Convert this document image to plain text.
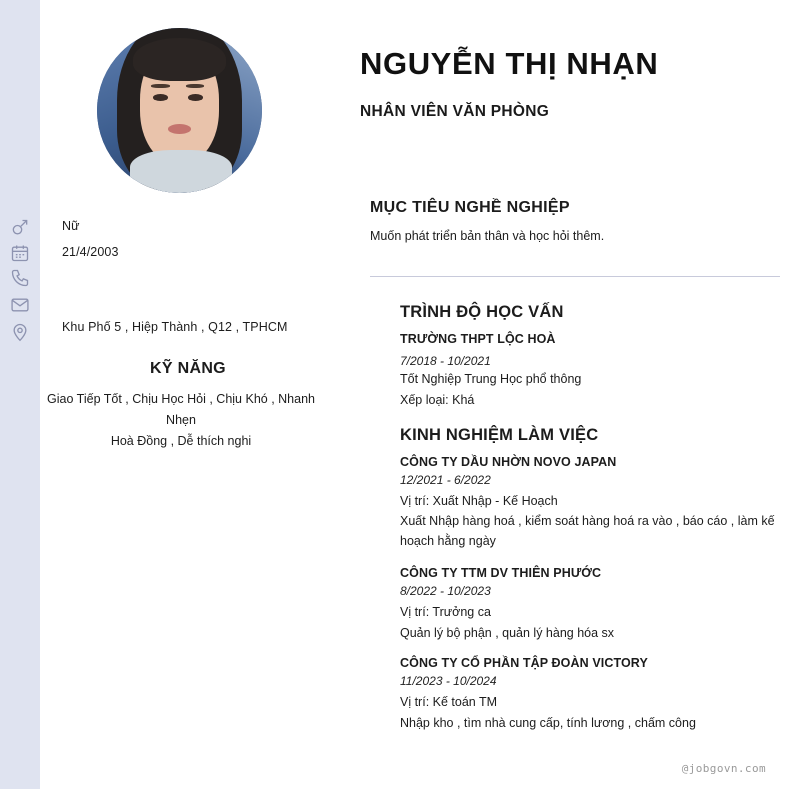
Nữ
21/4/2003
Khu Phố 5 , Hiệp Thành , Q12 , TPHCM
KỸ NĂNG
Giao Tiếp Tốt , Chịu Học Hỏi , Chịu Khó , Nhanh Nhẹn
Hoà Đồng , Dễ thích nghi
NGUYỄN THỊ NHẠN
NHÂN VIÊN VĂN PHÒNG
MỤC TIÊU NGHỀ NGHIỆP
Muốn phát triển bản thân và học hỏi thêm.
TRÌNH ĐỘ HỌC VẤN
TRƯỜNG THPT LỘC HOÀ
7/2018 - 10/2021
Tốt Nghiệp Trung Học phổ thông
Xếp loại: Khá
KINH NGHIỆM LÀM VIỆC
CÔNG TY DẦU NHỜN NOVO JAPAN
12/2021 - 6/2022
Vị trí: Xuất Nhập - Kế Hoạch
Xuất Nhập hàng hoá , kiểm soát hàng hoá ra vào , báo cáo , làm kế hoạch hằng ngày
CÔNG TY TTM DV THIÊN PHƯỚC
8/2022 - 10/2023
Vị trí: Trưởng ca
Quản lý bộ phận , quản lý hàng hóa sx
CÔNG TY CỔ PHẦN TẬP ĐOÀN VICTORY
11/2023 - 10/2024
Vị trí: Kế toán TM
Nhập kho , tìm nhà cung cấp, tính lương , chấm công
@jobgovn.com
